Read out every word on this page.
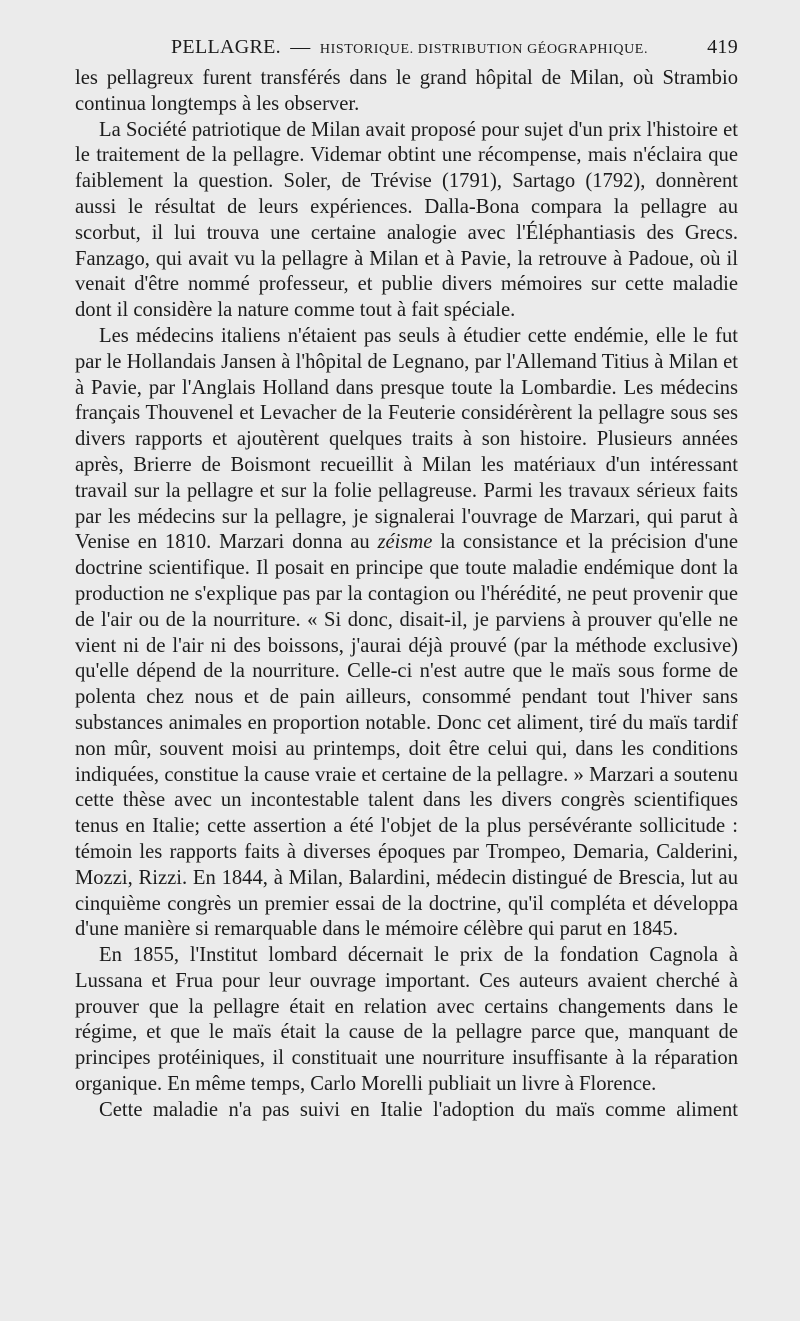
PELLAGRE. — HISTORIQUE. DISTRIBUTION GÉOGRAPHIQUE.	419

les pellagreux furent transférés dans le grand hôpital de Milan, où Strambio continua longtemps à les observer.

La Société patriotique de Milan avait proposé pour sujet d'un prix l'histoire et le traitement de la pellagre. Videmar obtint une récompense, mais n'éclaira que faiblement la question. Soler, de Trévise (1791), Sartago (1792), donnèrent aussi le résultat de leurs expériences. Dalla-Bona compara la pellagre au scorbut, il lui trouva une certaine analogie avec l'Éléphantiasis des Grecs. Fanzago, qui avait vu la pellagre à Milan et à Pavie, la retrouve à Padoue, où il venait d'être nommé professeur, et publie divers mémoires sur cette maladie dont il considère la nature comme tout à fait spéciale.

Les médecins italiens n'étaient pas seuls à étudier cette endémie, elle le fut par le Hollandais Jansen à l'hôpital de Legnano, par l'Allemand Titius à Milan et à Pavie, par l'Anglais Holland dans presque toute la Lombardie. Les médecins français Thouvenel et Levacher de la Feuterie considérèrent la pellagre sous ses divers rapports et ajoutèrent quelques traits à son histoire. Plusieurs années après, Brierre de Boismont recueillit à Milan les matériaux d'un intéressant travail sur la pellagre et sur la folie pellagreuse. Parmi les travaux sérieux faits par les médecins sur la pellagre, je signalerai l'ouvrage de Marzari, qui parut à Venise en 1810. Marzari donna au zéisme la consistance et la précision d'une doctrine scientifique. Il posait en principe que toute maladie endémique dont la production ne s'explique pas par la contagion ou l'hérédité, ne peut provenir que de l'air ou de la nourriture. « Si donc, disait-il, je parviens à prouver qu'elle ne vient ni de l'air ni des boissons, j'aurai déjà prouvé (par la méthode exclusive) qu'elle dépend de la nourriture. Celle-ci n'est autre que le maïs sous forme de polenta chez nous et de pain ailleurs, consommé pendant tout l'hiver sans substances animales en proportion notable. Donc cet aliment, tiré du maïs tardif non mûr, souvent moisi au printemps, doit être celui qui, dans les conditions indiquées, constitue la cause vraie et certaine de la pellagre. » Marzari a soutenu cette thèse avec un incontestable talent dans les divers congrès scientifiques tenus en Italie; cette assertion a été l'objet de la plus persévérante sollicitude : témoin les rapports faits à diverses époques par Trompeo, Demaria, Calderini, Mozzi, Rizzi. En 1844, à Milan, Balardini, médecin distingué de Brescia, lut au cinquième congrès un premier essai de la doctrine, qu'il compléta et développa d'une manière si remarquable dans le mémoire célèbre qui parut en 1845.

En 1855, l'Institut lombard décernait le prix de la fondation Cagnola à Lussana et Frua pour leur ouvrage important. Ces auteurs avaient cherché à prouver que la pellagre était en relation avec certains changements dans le régime, et que le maïs était la cause de la pellagre parce que, manquant de principes protéiniques, il constituait une nourriture insuffisante à la réparation organique. En même temps, Carlo Morelli publiait un livre à Florence.

Cette maladie n'a pas suivi en Italie l'adoption du maïs comme aliment
